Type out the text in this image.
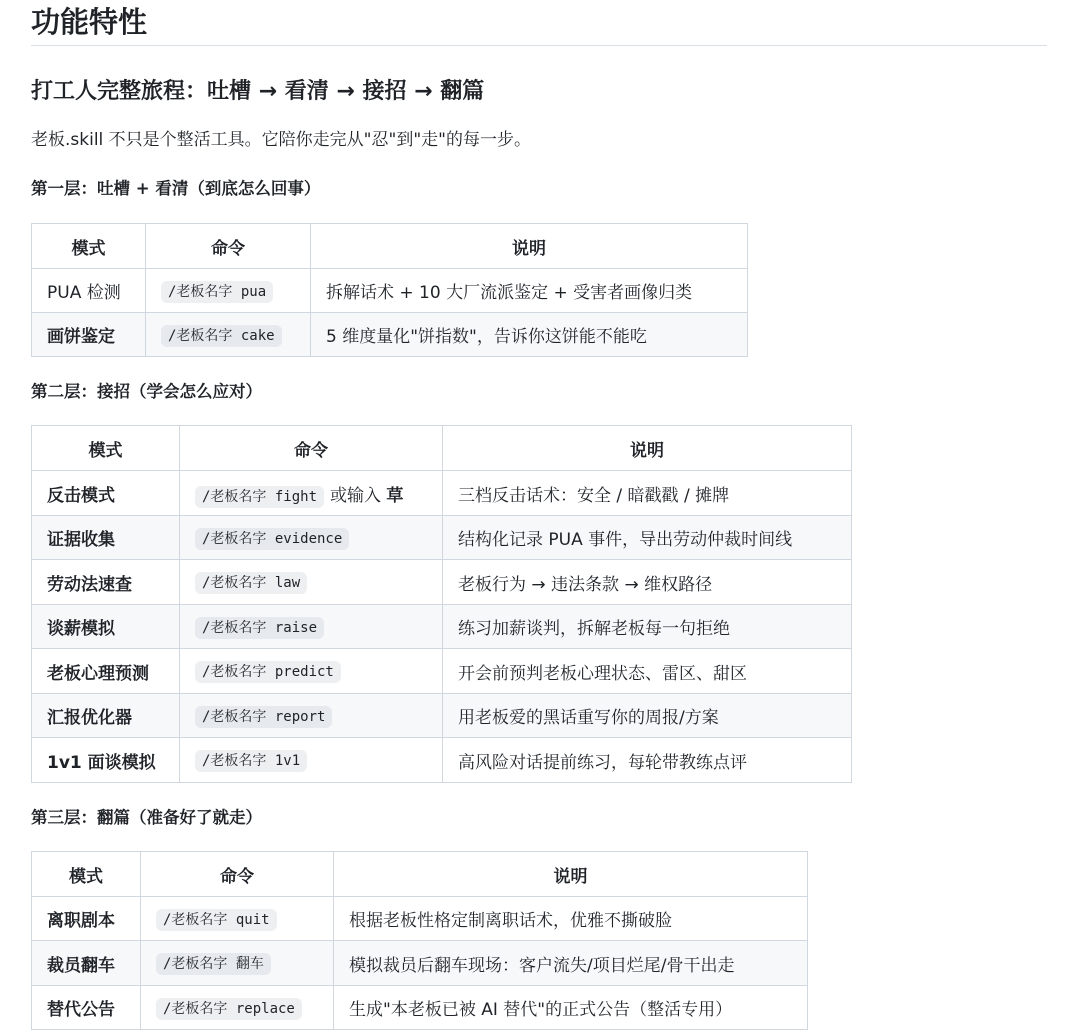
功能特性
打工人完整旅程：吐槽 → 看清 → 接招 → 翻篇

老板.skill 不只是个整活工具。它陪你走完从"忍"到"走"的每一步。

第一层：吐槽 + 看清（到底怎么回事）
模式	命令	说明
PUA 检测	/老板名字 pua	拆解话术 + 10 大厂流派鉴定 + 受害者画像归类
画饼鉴定	/老板名字 cake	5 维度量化"饼指数"，告诉你这饼能不能吃
第二层：接招（学会怎么应对）
模式	命令	说明
反击模式	/老板名字 fight 或输入 草	三档反击话术：安全 / 暗戳戳 / 摊牌
证据收集	/老板名字 evidence	结构化记录 PUA 事件，导出劳动仲裁时间线
劳动法速查	/老板名字 law	老板行为 → 违法条款 → 维权路径
谈薪模拟	/老板名字 raise	练习加薪谈判，拆解老板每一句拒绝
老板心理预测	/老板名字 predict	开会前预判老板心理状态、雷区、甜区
汇报优化器	/老板名字 report	用老板爱的黑话重写你的周报/方案
1v1 面谈模拟	/老板名字 1v1	高风险对话提前练习，每轮带教练点评
第三层：翻篇（准备好了就走）
模式	命令	说明
离职剧本	/老板名字 quit	根据老板性格定制离职话术，优雅不撕破脸
裁员翻车	/老板名字 翻车	模拟裁员后翻车现场：客户流失/项目烂尾/骨干出走
替代公告	/老板名字 replace	生成"本老板已被 AI 替代"的正式公告（整活专用）
